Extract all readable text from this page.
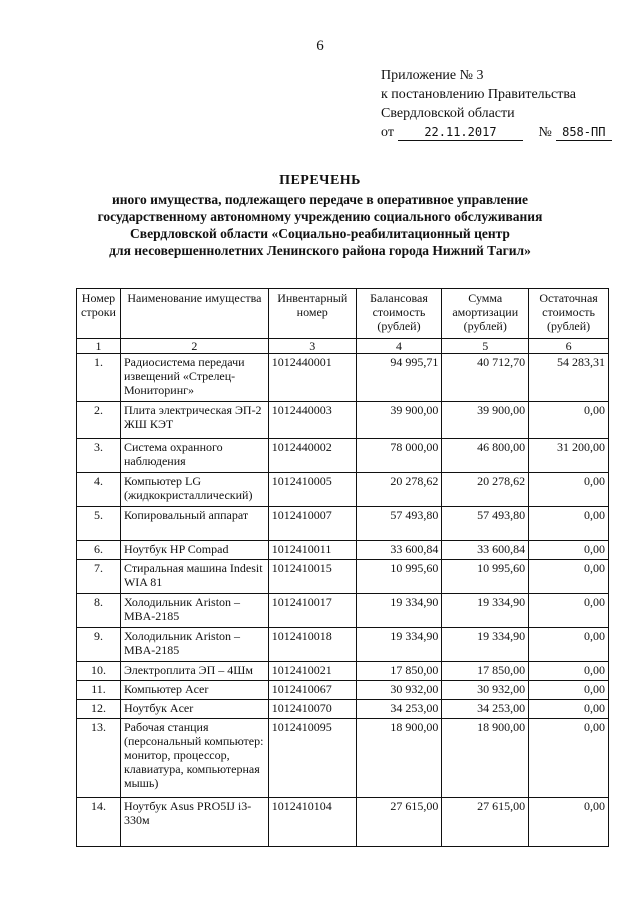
6
Приложение № 3
к постановлению Правительства
Свердловской области
от	22.11.2017	№ 858-ПП
ПЕРЕЧЕНЬ
иного имущества, подлежащего передаче в оперативное управление
государственному автономному учреждению социального обслуживания
Свердловской области «Социально-реабилитационный центр
для несовершеннолетних Ленинского района города Нижний Тагил»
Номер строки	Наименование имущества	Инвентарный номер	Балансовая стоимость (рублей)	Сумма амортизации (рублей)	Остаточная стоимость (рублей)
1	2	3	4	5	6
1.	Радиосистема передачи извещений «Стрелец-Мониторинг»	1012440001	94 995,71	40 712,70	54 283,31
2.	Плита электрическая ЭП-2 ЖШ КЭТ	1012440003	39 900,00	39 900,00	0,00
3.	Система охранного наблюдения	1012440002	78 000,00	46 800,00	31 200,00
4.	Компьютер LG (жидкокристаллический)	1012410005	20 278,62	20 278,62	0,00
5.	Копировальный аппарат	1012410007	57 493,80	57 493,80	0,00
6.	Ноутбук HP Compad	1012410011	33 600,84	33 600,84	0,00
7.	Стиральная машина Indesit WIA 81	1012410015	10 995,60	10 995,60	0,00
8.	Холодильник Ariston – MBA-2185	1012410017	19 334,90	19 334,90	0,00
9.	Холодильник Ariston – MBA-2185	1012410018	19 334,90	19 334,90	0,00
10.	Электроплита ЭП – 4Шм	1012410021	17 850,00	17 850,00	0,00
11.	Компьютер Acer	1012410067	30 932,00	30 932,00	0,00
12.	Ноутбук Acer	1012410070	34 253,00	34 253,00	0,00
13.	Рабочая станция (персональный компьютер: монитор, процессор, клавиатура, компьютерная мышь)	1012410095	18 900,00	18 900,00	0,00
14.	Ноутбук Asus PRO5IJ i3-330м	1012410104	27 615,00	27 615,00	0,00
